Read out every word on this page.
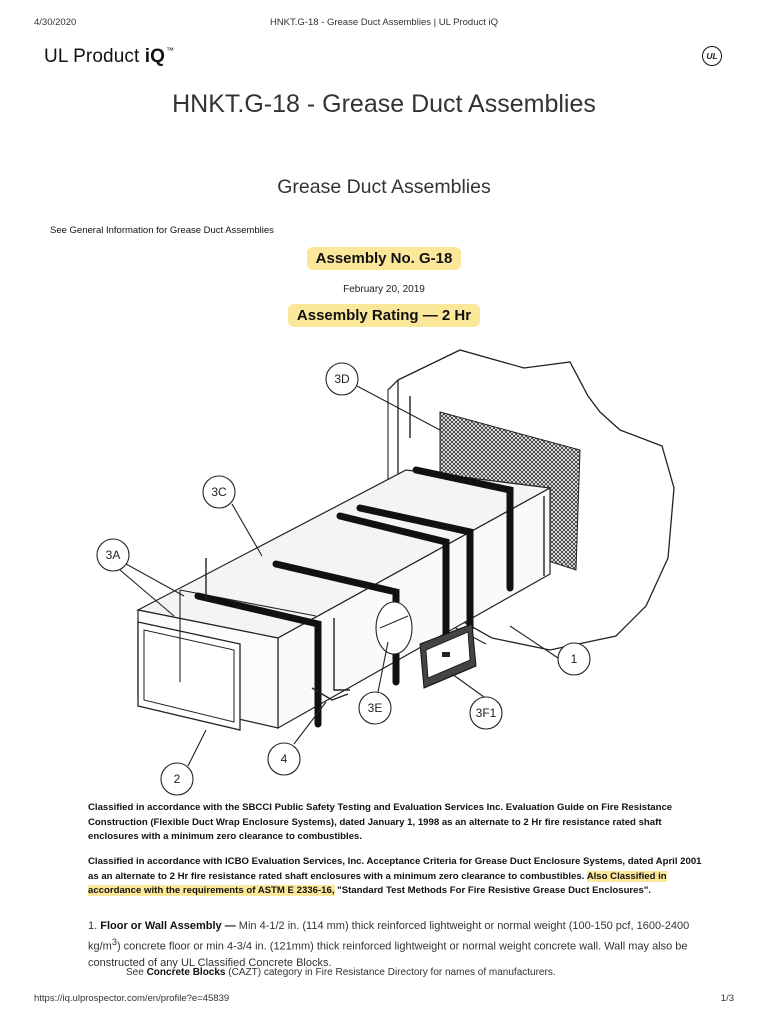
4/30/2020	HNKT.G-18 - Grease Duct Assemblies | UL Product iQ
UL Product iQ™
UL
HNKT.G-18 - Grease Duct Assemblies
Grease Duct Assemblies
See General Information for Grease Duct Assemblies
Assembly No. G-18
February 20, 2019
Assembly Rating — 2 Hr
3D
3C
3A
1
3E	3F1
4
2
Classified in accordance with the SBCCI Public Safety Testing and Evaluation Services Inc. Evaluation Guide on Fire Resistance Construction (Flexible Duct Wrap Enclosure Systems), dated January 1, 1998 as an alternate to 2 Hr fire resistance rated shaft enclosures with a minimum zero clearance to combustibles.
Classified in accordance with ICBO Evaluation Services, Inc. Acceptance Criteria for Grease Duct Enclosure Systems, dated April 2001 as an alternate to 2 Hr fire resistance rated shaft enclosures with a minimum zero clearance to combustibles. Also Classified in accordance with the requirements of ASTM E 2336-16, "Standard Test Methods For Fire Resistive Grease Duct Enclosures".
1. Floor or Wall Assembly — Min 4-1/2 in. (114 mm) thick reinforced lightweight or normal weight (100-150 pcf, 1600-2400 $kg/m^3$) concrete floor or min 4-3/4 in. (121mm) thick reinforced lightweight or normal weight concrete wall. Wall may also be constructed of any UL Classified Concrete Blocks.
See Concrete Blocks (CAZT) category in Fire Resistance Directory for names of manufacturers.
https://iq.ulprospector.com/en/profile?e=45839	1/3
